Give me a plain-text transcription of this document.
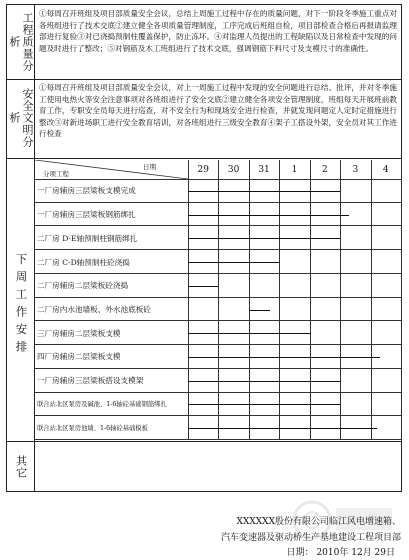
工程质量分析
①每周召开班组及项目部质量安全会议，总结上周施工过程中存在的质量问题，对下一阶段冬季施工重点对各班组进行了技术交底②建立健全各项质量管理制度，工序完成后班组自检，项目部检查合格后再报请监理部进行复验③对已浇捣预制柱覆盖保护，防止冻坏。④对监理人员提出的工程缺陷以及日常检查中发现的问题及时进行了整改；⑤对钢筋及木工班组进行了技术交底，强调钢筋下料尺寸及支模尺寸的准确性。
安全文明分析
①每周召开班组及项目部质量安全会议，对上一周施工过程中发现的安全问题进行总结、批评，并对冬季施工使用电热火等安全注意事项对各班组进行了安全交底②建立健全各项安全管理制度，班组每天开展班前教育工作，专职安全员每天进行巡查，对不安全行为和现场安全进行检查，并就发现问题定人定时定措施进行整改③对新进场职工进行安全教育培训，对各班组进行三级安全教育④架子工搭设外架，安全员对其工作进行检查
下周工作安排
分项工程
日期	29	30	31	1	2	3	4
一厂房辅房三层梁板支模完成
一厂房辅房三层梁板钢筋绑扎
二厂房 D-E轴预制柱钢筋绑扎
二厂房 C-D轴预制柱砼浇捣
二厂房辅房二层梁板砼浇捣
二厂房内水池墙板、外水池底板砼
三厂房辅房二层梁板支模
四厂房辅房二层梁板支模
一厂房辅房三层梁板搭设支模架
联合站北区泵房及碱池、1-6轴砼基础钢筋绑扎
联合站北区泵房池墙、1-6轴砼基础模板
其它
XXXXXX股份有限公司临江风电增速箱、
汽车变速器及驱动桥生产基地建设工程项目部
日期： 2010年 12月 29日
